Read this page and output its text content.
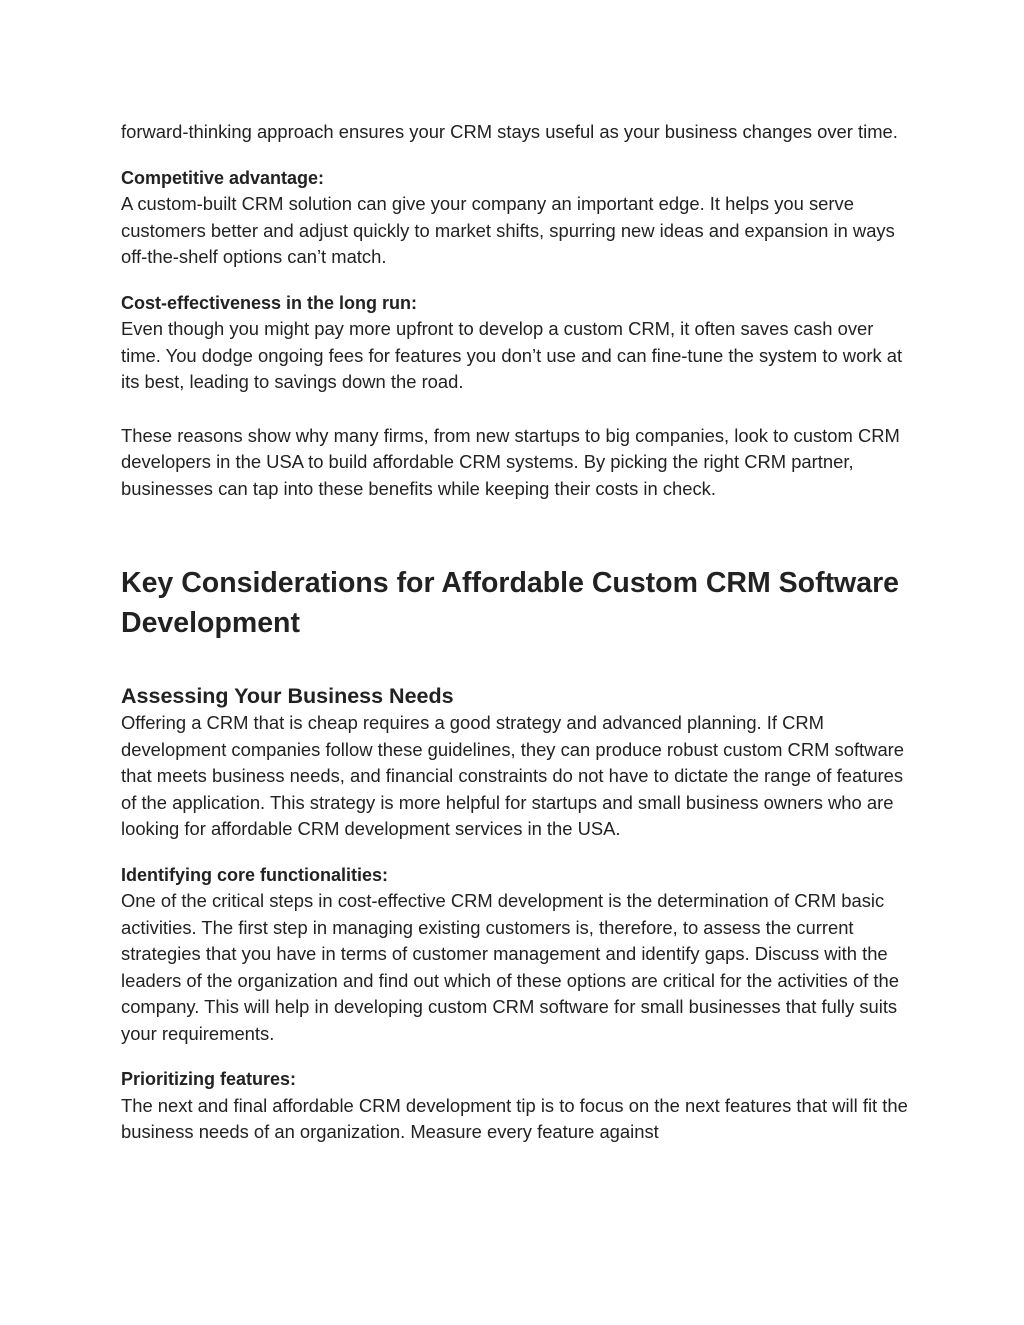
forward-thinking approach ensures your CRM stays useful as your business changes over time.

Competitive advantage:

A custom-built CRM solution can give your company an important edge. It helps you serve customers better and adjust quickly to market shifts, spurring new ideas and expansion in ways off-the-shelf options can’t match.

Cost-effectiveness in the long run:

Even though you might pay more upfront to develop a custom CRM, it often saves cash over time. You dodge ongoing fees for features you don’t use and can fine-tune the system to work at its best, leading to savings down the road.

These reasons show why many firms, from new startups to big companies, look to custom CRM developers in the USA to build affordable CRM systems. By picking the right CRM partner, businesses can tap into these benefits while keeping their costs in check.

Key Considerations for Affordable Custom CRM Software Development
Assessing Your Business Needs

Offering a CRM that is cheap requires a good strategy and advanced planning. If CRM development companies follow these guidelines, they can produce robust custom CRM software that meets business needs, and financial constraints do not have to dictate the range of features of the application. This strategy is more helpful for startups and small business owners who are looking for affordable CRM development services in the USA.

Identifying core functionalities:

One of the critical steps in cost-effective CRM development is the determination of CRM basic activities. The first step in managing existing customers is, therefore, to assess the current strategies that you have in terms of customer management and identify gaps. Discuss with the leaders of the organization and find out which of these options are critical for the activities of the company. This will help in developing custom CRM software for small businesses that fully suits your requirements.

Prioritizing features:

The next and final affordable CRM development tip is to focus on the next features that will fit the business needs of an organization. Measure every feature against
